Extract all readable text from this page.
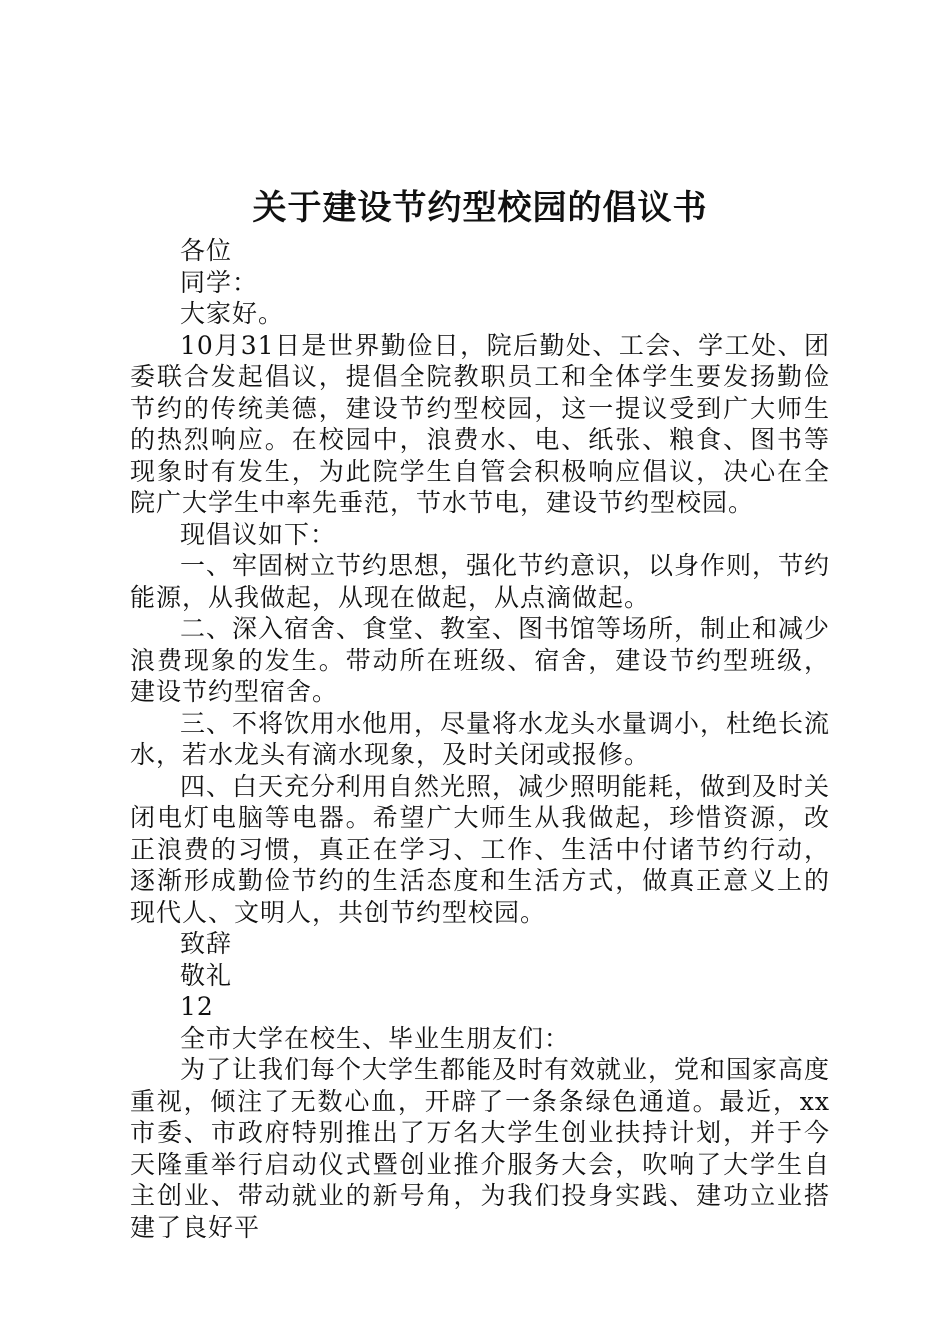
关于建设节约型校园的倡议书

各位

同学：

大家好。

10月31日是世界勤俭日，院后勤处、工会、学工处、团委联合发起倡议，提倡全院教职员工和全体学生要发扬勤俭节约的传统美德，建设节约型校园，这一提议受到广大师生的热烈响应。在校园中，浪费水、电、纸张、粮食、图书等现象时有发生，为此院学生自管会积极响应倡议，决心在全院广大学生中率先垂范，节水节电，建设节约型校园。

现倡议如下：

一、牢固树立节约思想，强化节约意识，以身作则，节约能源，从我做起，从现在做起，从点滴做起。

二、深入宿舍、食堂、教室、图书馆等场所，制止和减少浪费现象的发生。带动所在班级、宿舍，建设节约型班级，建设节约型宿舍。

三、不将饮用水他用，尽量将水龙头水量调小，杜绝长流水，若水龙头有滴水现象，及时关闭或报修。

四、白天充分利用自然光照，减少照明能耗，做到及时关闭电灯电脑等电器。希望广大师生从我做起，珍惜资源，改正浪费的习惯，真正在学习、工作、生活中付诸节约行动，逐渐形成勤俭节约的生活态度和生活方式，做真正意义上的现代人、文明人，共创节约型校园。

致辞

敬礼

12

全市大学在校生、毕业生朋友们：

为了让我们每个大学生都能及时有效就业，党和国家高度重视，倾注了无数心血，开辟了一条条绿色通道。最近，xx市委、市政府特别推出了万名大学生创业扶持计划，并于今天隆重举行启动仪式暨创业推介服务大会，吹响了大学生自主创业、带动就业的新号角，为我们投身实践、建功立业搭建了良好平
